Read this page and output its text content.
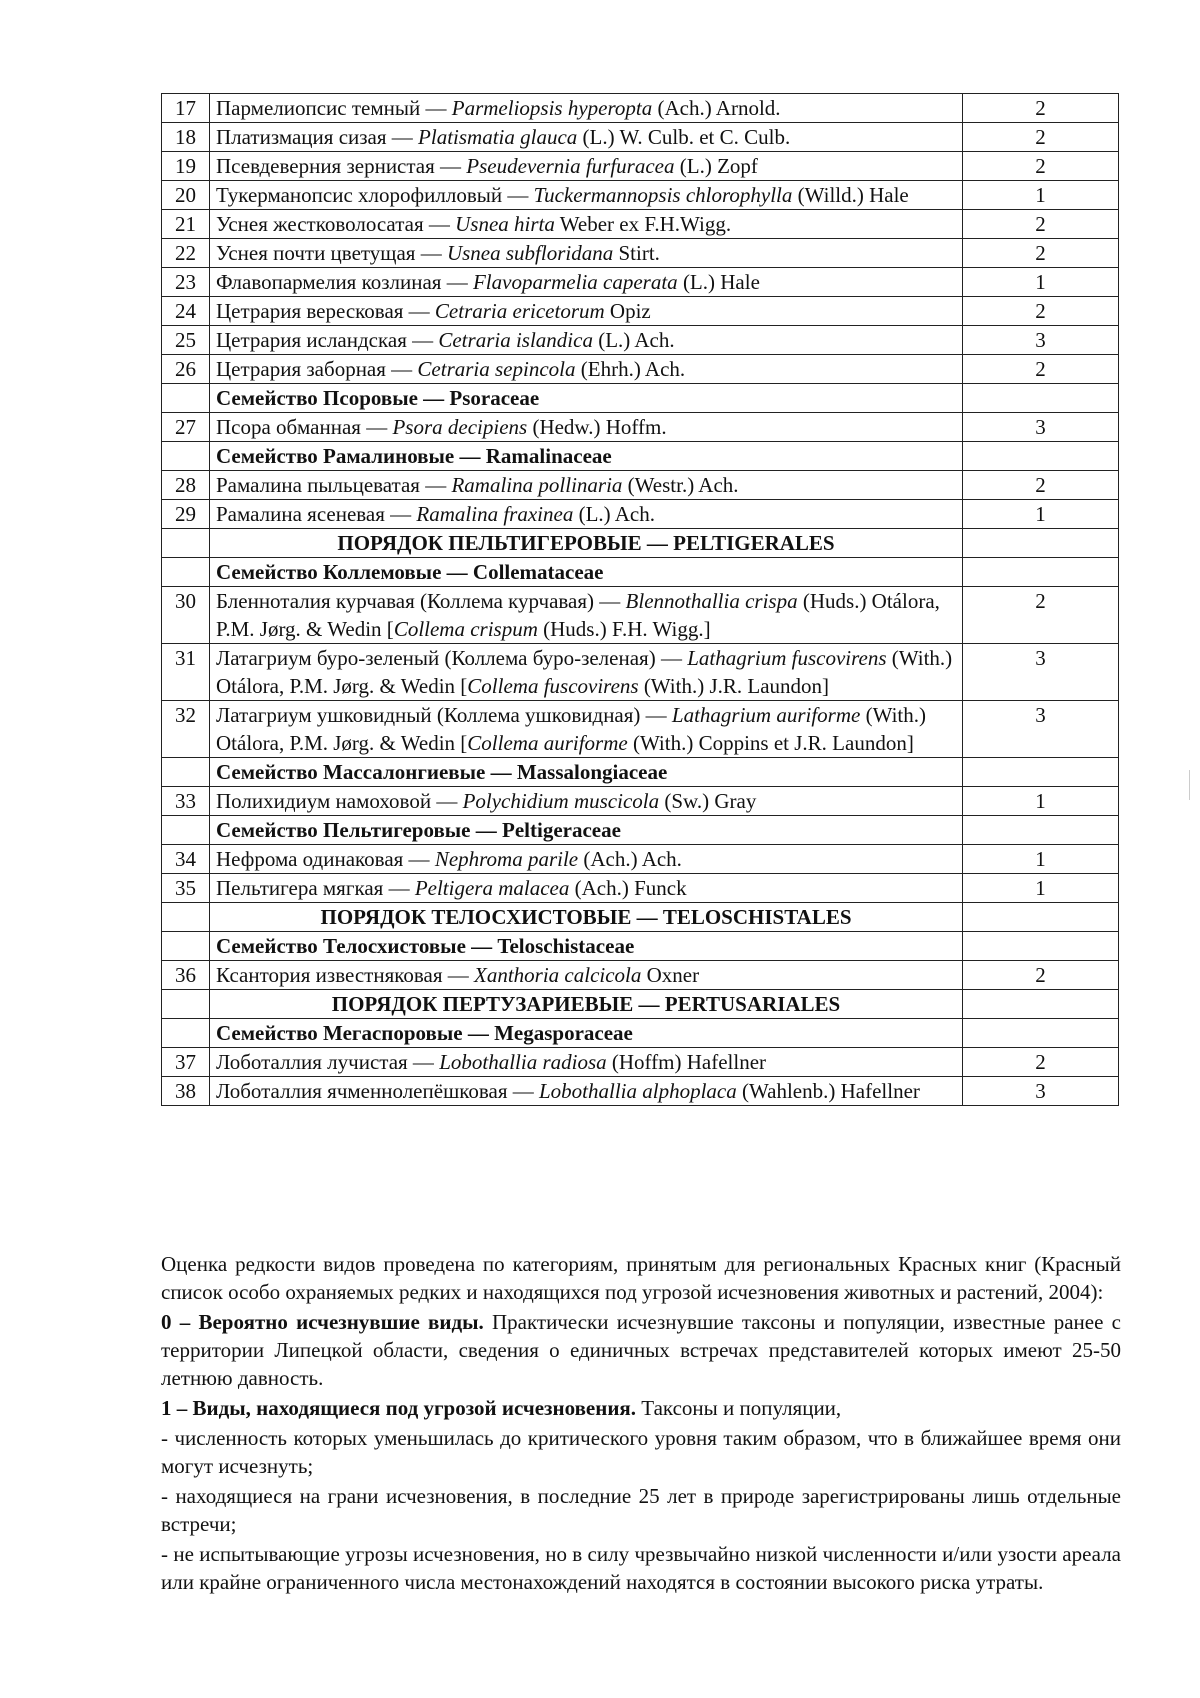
17	Пармелиопсис темный — Parmeliopsis hyperopta (Ach.) Arnold.	2
18	Платизмация сизая — Platismatia glauca (L.) W. Culb. et C. Culb.	2
19	Псевдеверния зернистая — Pseudevernia furfuracea (L.) Zopf	2
20	Тукерманопсис хлорофилловый — Tuckermannopsis chlorophylla (Willd.) Hale	1
21	Уснея жестковолосатая — Usnea hirta Weber ex F.H.Wigg.	2
22	Уснея почти цветущая — Usnea subfloridana Stirt.	2
23	Флавопармелия козлиная — Flavoparmelia caperata (L.) Hale	1
24	Цетрария вересковая — Cetraria ericetorum Opiz	2
25	Цетрария исландская — Cetraria islandica (L.) Ach.	3
26	Цетрария заборная — Cetraria sepincola (Ehrh.) Ach.	2
	Семейство Псоровые — Psoraceae	
27	Псора обманная — Psora decipiens (Hedw.) Hoffm.	3
	Семейство Рамалиновые — Ramalinaceae	
28	Рамалина пыльцеватая — Ramalina pollinaria (Westr.) Ach.	2
29	Рамалина ясеневая — Ramalina fraxinea (L.) Ach.	1
	ПОРЯДОК ПЕЛЬТИГЕРОВЫЕ — PELTIGERALES	
	Семейство Коллемовые — Collemataceae	
30	Бленноталия курчавая (Коллема курчавая) — Blennothallia crispa (Huds.) Otálora, P.M. Jørg. & Wedin [Collema crispum (Huds.) F.H. Wigg.]	2
31	Латагриум буро-зеленый (Коллема буро-зеленая) — Lathagrium fuscovirens (With.) Otálora, P.M. Jørg. & Wedin [Collema fuscovirens (With.) J.R. Laundon]	3
32	Латагриум ушковидный (Коллема ушковидная) — Lathagrium auriforme (With.) Otálora, P.M. Jørg. & Wedin [Collema auriforme (With.) Coppins et J.R. Laundon]	3
	Семейство Массалонгиевые — Massalongiaceae	
33	Полихидиум намоховой — Polychidium muscicola (Sw.) Gray	1
	Семейство Пельтигеровые — Peltigeraceae	
34	Нефрома одинаковая — Nephroma parile (Ach.) Ach.	1
35	Пельтигера мягкая — Peltigera malacea (Ach.) Funck	1
	ПОРЯДОК ТЕЛОСХИСТОВЫЕ — TELOSCHISTALES	
	Семейство Телосхистовые — Teloschistaceae	
36	Ксантория известняковая — Xanthoria calcicola Oxner	2
	ПОРЯДОК ПЕРТУЗАРИЕВЫЕ — PERTUSARIALES	
	Семейство Мегаспоровые — Megasporaceae	
37	Лоботаллия лучистая — Lobothallia radiosa (Hoffm) Hafellner	2
38	Лоботаллия ячменнолепёшковая — Lobothallia alphoplaca (Wahlenb.) Hafellner	3

Оценка редкости видов проведена по категориям, принятым для региональных Красных книг (Красный список особо охраняемых редких и находящихся под угрозой исчезновения животных и растений, 2004):

0 – Вероятно исчезнувшие виды. Практически исчезнувшие таксоны и популяции, известные ранее с территории Липецкой области, сведения о единичных встречах представителей которых имеют 25-50 летнюю давность.

1 – Виды, находящиеся под угрозой исчезновения. Таксоны и популяции,

- численность которых уменьшилась до критического уровня таким образом, что в ближайшее время они могут исчезнуть;

- находящиеся на грани исчезновения, в последние 25 лет в природе зарегистрированы лишь отдельные встречи;

- не испытывающие угрозы исчезновения, но в силу чрезвычайно низкой численности и/или узости ареала или крайне ограниченного числа местонахождений находятся в состоянии высокого риска утраты.
